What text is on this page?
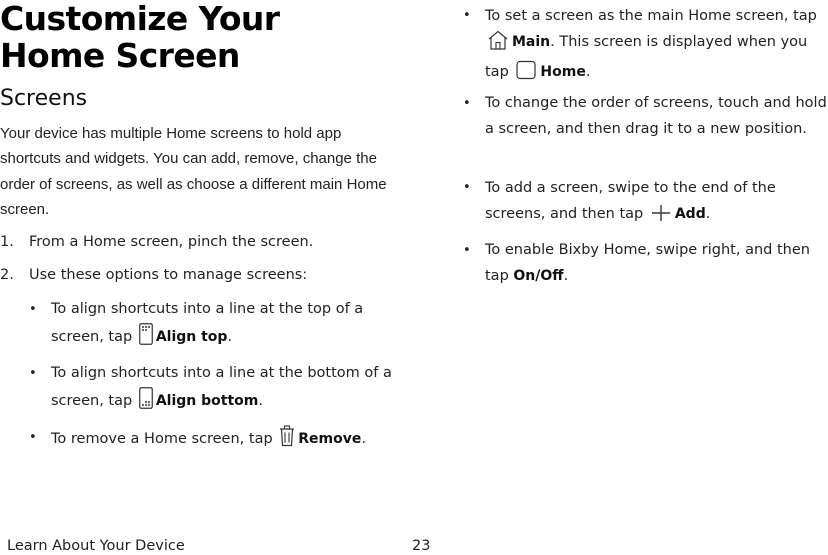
Customize Your
Home Screen
Screens

Your device has multiple Home screens to hold app shortcuts and widgets. You can add, remove, change the order of screens, as well as choose a different main Home screen.

1. From a Home screen, pinch the screen.
2. Use these options to manage screens:
• To align shortcuts into a line at the top of a screen, tap Align top.
• To align shortcuts into a line at the bottom of a screen, tap Align bottom.
• To remove a Home screen, tap Remove.
• To set a screen as the main Home screen, tap Main. This screen is displayed when you tap Home.
• To change the order of screens, touch and hold a screen, and then drag it to a new position.
• To add a screen, swipe to the end of the screens, and then tap Add.
• To enable Bixby Home, swipe right, and then tap On/Off.

Learn About Your Device	23
